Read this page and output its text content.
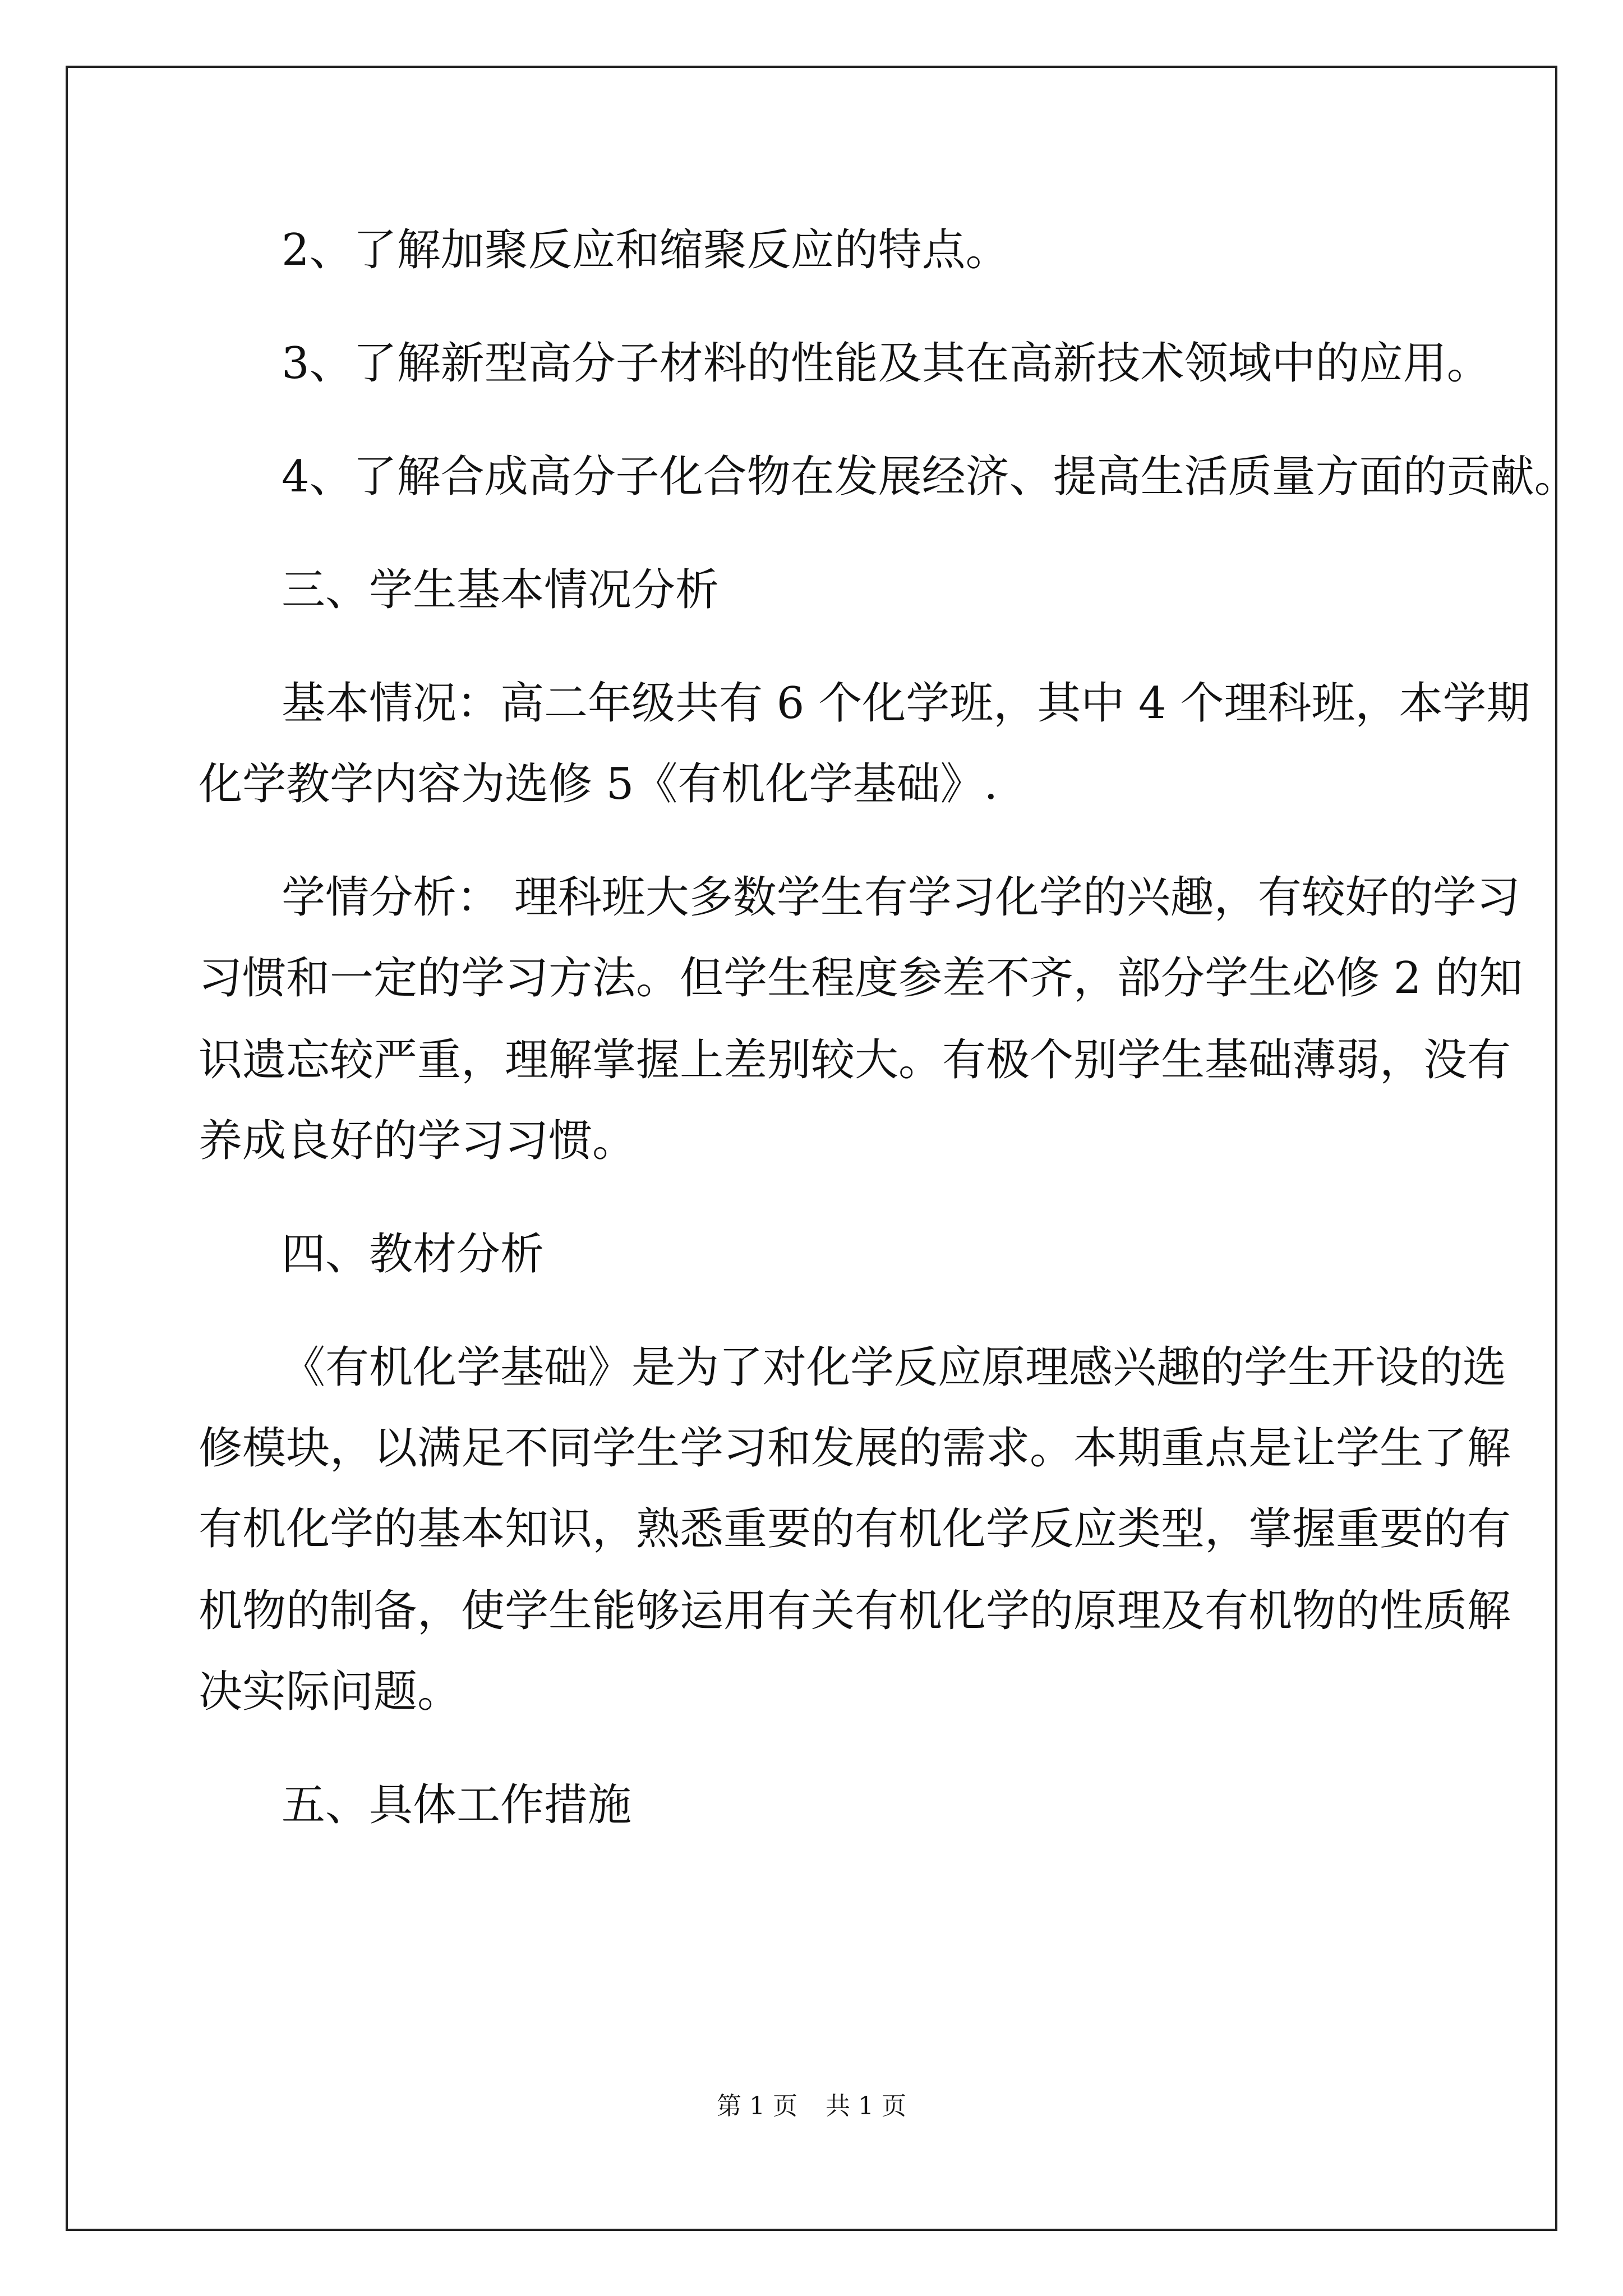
2、了解加聚反应和缩聚反应的特点。

3、了解新型高分子材料的性能及其在高新技术领域中的应用。

4、了解合成高分子化合物在发展经济、提高生活质量方面的贡献。

三、学生基本情况分析

基本情况：高二年级共有 6 个化学班，其中 4 个理科班，本学期

化学教学内容为选修 5《有机化学基础》.

学情分析： 理科班大多数学生有学习化学的兴趣，有较好的学习

习惯和一定的学习方法。但学生程度参差不齐，部分学生必修 2 的知

识遗忘较严重，理解掌握上差别较大。有极个别学生基础薄弱，没有

养成良好的学习习惯。

四、教材分析

《有机化学基础》是为了对化学反应原理感兴趣的学生开设的选

修模块，以满足不同学生学习和发展的需求。本期重点是让学生了解

有机化学的基本知识，熟悉重要的有机化学反应类型，掌握重要的有

机物的制备，使学生能够运用有关有机化学的原理及有机物的性质解

决实际问题。

五、具体工作措施

第 1 页 共 1 页
